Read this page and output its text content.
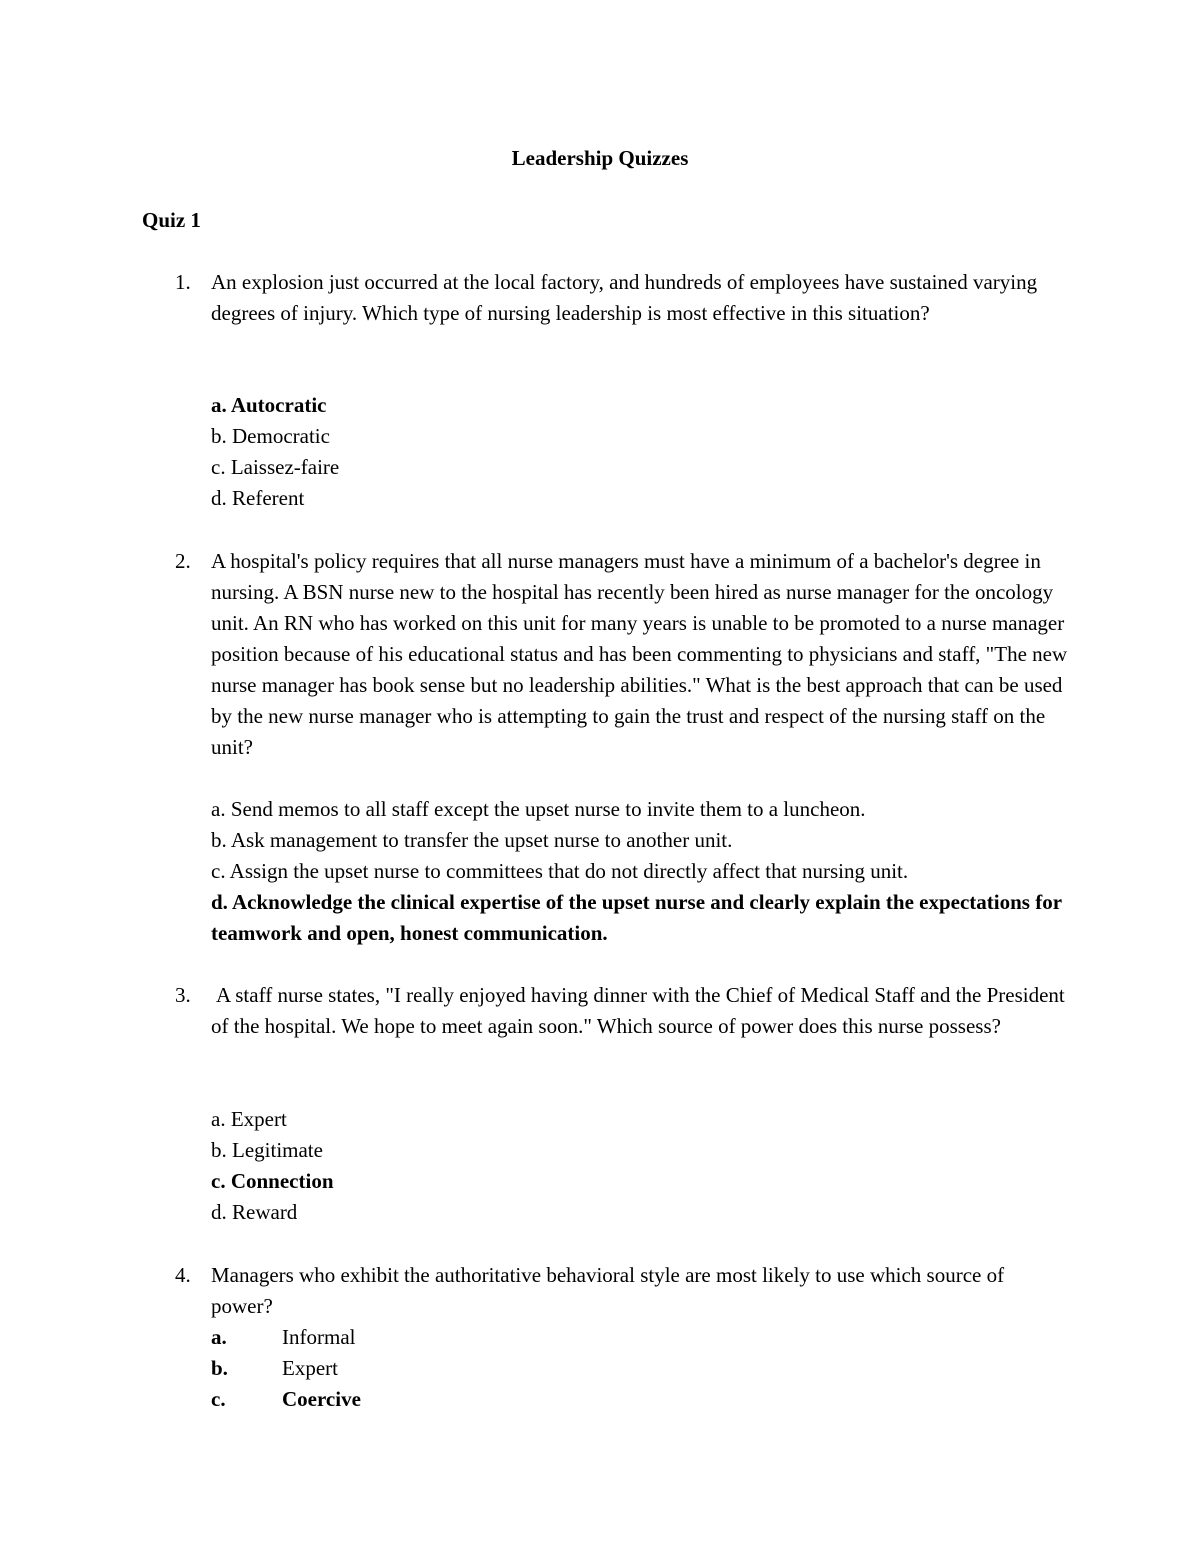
Leadership Quizzes
Quiz 1
1. An explosion just occurred at the local factory, and hundreds of employees have sustained varying degrees of injury. Which type of nursing leadership is most effective in this situation?
a. Autocratic
b. Democratic
c. Laissez-faire
d. Referent
2. A hospital's policy requires that all nurse managers must have a minimum of a bachelor's degree in nursing. A BSN nurse new to the hospital has recently been hired as nurse manager for the oncology unit. An RN who has worked on this unit for many years is unable to be promoted to a nurse manager position because of his educational status and has been commenting to physicians and staff, "The new nurse manager has book sense but no leadership abilities." What is the best approach that can be used by the new nurse manager who is attempting to gain the trust and respect of the nursing staff on the unit?
a. Send memos to all staff except the upset nurse to invite them to a luncheon.
b. Ask management to transfer the upset nurse to another unit.
c. Assign the upset nurse to committees that do not directly affect that nursing unit.
d. Acknowledge the clinical expertise of the upset nurse and clearly explain the expectations for teamwork and open, honest communication.
3. A staff nurse states, "I really enjoyed having dinner with the Chief of Medical Staff and the President of the hospital. We hope to meet again soon." Which source of power does this nurse possess?
a. Expert
b. Legitimate
c. Connection
d. Reward
4. Managers who exhibit the authoritative behavioral style are most likely to use which source of power?
a.	Informal
b.	Expert
c.	Coercive
